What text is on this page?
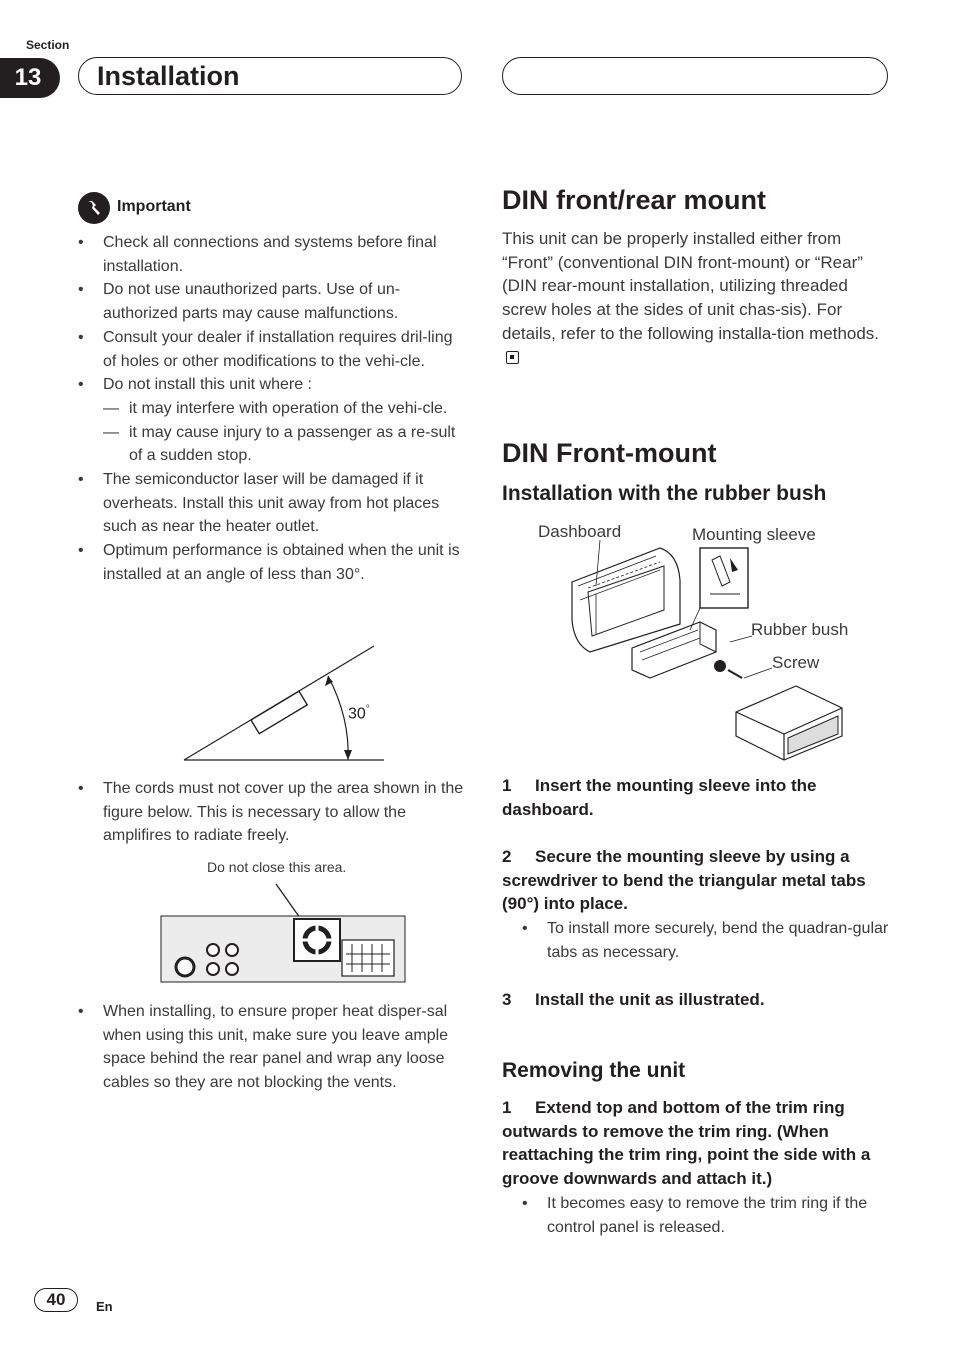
Section
13	Installation
Important
• Check all connections and systems before final installation.
• Do not use unauthorized parts. Use of un-authorized parts may cause malfunctions.
• Consult your dealer if installation requires dril-ling of holes or other modifications to the vehi-cle.
• Do not install this unit where :
— it may interfere with operation of the vehi-cle.
— it may cause injury to a passenger as a re-sult of a sudden stop.
• The semiconductor laser will be damaged if it overheats. Install this unit away from hot places such as near the heater outlet.
• Optimum performance is obtained when the unit is installed at an angle of less than 30°.
30°
• The cords must not cover up the area shown in the figure below. This is necessary to allow the amplifires to radiate freely.
Do not close this area.
• When installing, to ensure proper heat disper-sal when using this unit, make sure you leave ample space behind the rear panel and wrap any loose cables so they are not blocking the vents.
DIN front/rear mount
This unit can be properly installed either from “Front” (conventional DIN front-mount) or “Rear” (DIN rear-mount installation, utilizing threaded screw holes at the sides of unit chas-sis). For details, refer to the following installa-tion methods.
DIN Front-mount
Installation with the rubber bush
Dashboard	Mounting sleeve
Rubber bush
Screw
1 Insert the mounting sleeve into the dashboard.
2 Secure the mounting sleeve by using a screwdriver to bend the triangular metal tabs (90°) into place.
• To install more securely, bend the quadran-gular tabs as necessary.
3 Install the unit as illustrated.
Removing the unit
1 Extend top and bottom of the trim ring outwards to remove the trim ring. (When reattaching the trim ring, point the side with a groove downwards and attach it.)
• It becomes easy to remove the trim ring if the control panel is released.
40	En
